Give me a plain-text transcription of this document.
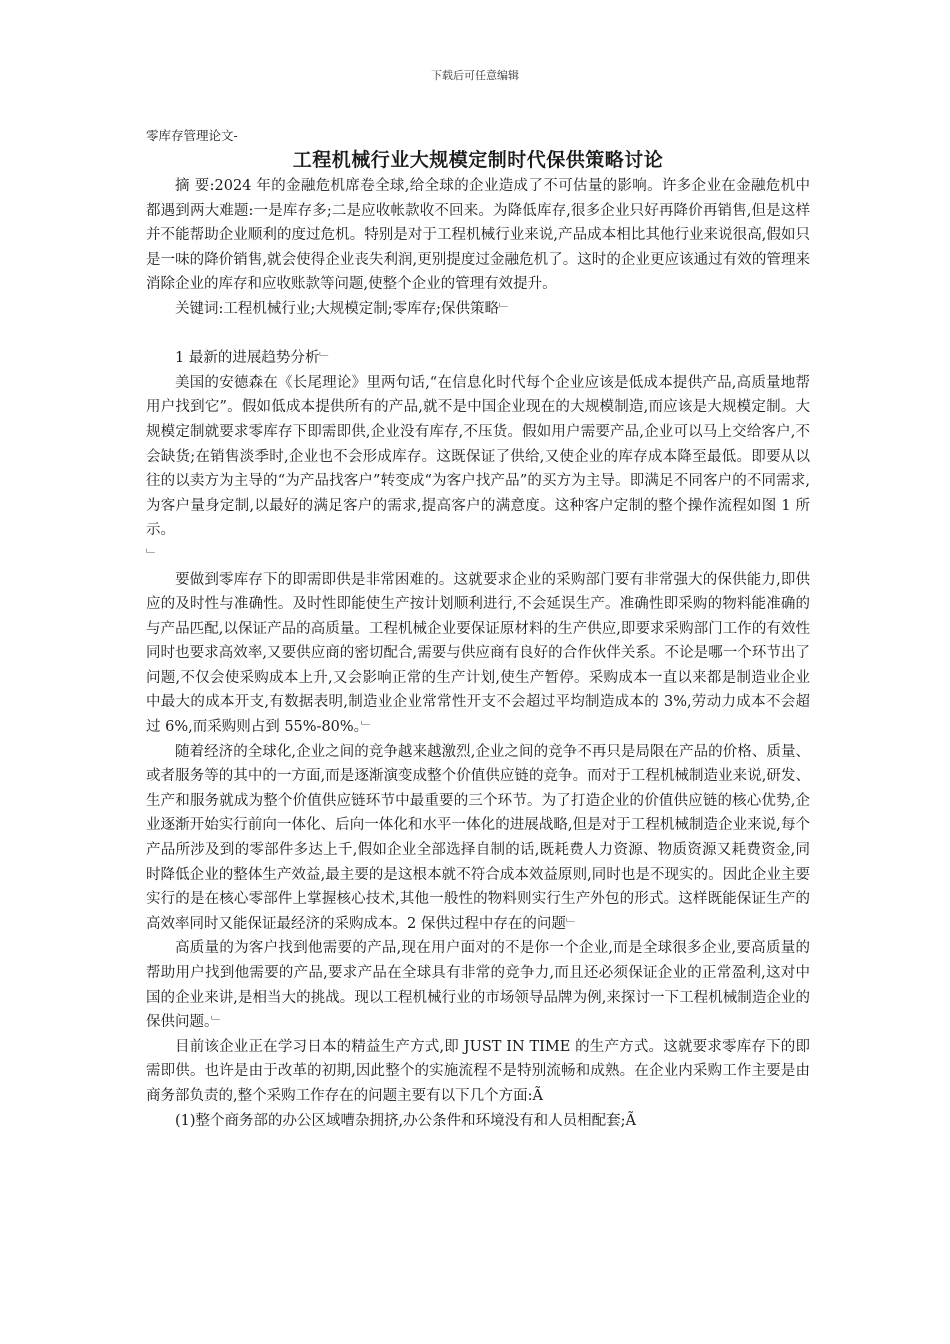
下载后可任意编辑
零库存管理论文-
工程机械行业大规模定制时代保供策略讨论

摘 要:2024 年的金融危机席卷全球,给全球的企业造成了不可估量的影响。许多企业在金融危机中都遇到两大难题:一是库存多;二是应收帐款收不回来。为降低库存,很多企业只好再降价再销售,但是这样并不能帮助企业顺利的度过危机。特别是对于工程机械行业来说,产品成本相比其他行业来说很高,假如只是一味的降价销售,就会使得企业丧失利润,更别提度过金融危机了。这时的企业更应该通过有效的管理来消除企业的库存和应收账款等问题,使整个企业的管理有效提升。

关键词:工程机械行业;大规模定制;零库存;保供策略﹂

1 最新的进展趋势分析﹂

美国的安德森在《长尾理论》里两句话,“在信息化时代每个企业应该是低成本提供产品,高质量地帮用户找到它”。假如低成本提供所有的产品,就不是中国企业现在的大规模制造,而应该是大规模定制。大规模定制就要求零库存下即需即供,企业没有库存,不压货。假如用户需要产品,企业可以马上交给客户,不会缺货;在销售淡季时,企业也不会形成库存。这既保证了供给,又使企业的库存成本降至最低。即要从以往的以卖方为主导的“为产品找客户”转变成“为客户找产品”的买方为主导。即满足不同客户的不同需求,为客户量身定制,以最好的满足客户的需求,提高客户的满意度。这种客户定制的整个操作流程如图 1 所示。

﹂

要做到零库存下的即需即供是非常困难的。这就要求企业的采购部门要有非常强大的保供能力,即供应的及时性与准确性。及时性即能使生产按计划顺利进行,不会延误生产。准确性即采购的物料能准确的与产品匹配,以保证产品的高质量。工程机械企业要保证原材料的生产供应,即要求采购部门工作的有效性同时也要求高效率,又要供应商的密切配合,需要与供应商有良好的合作伙伴关系。不论是哪一个环节出了问题,不仅会使采购成本上升,又会影响正常的生产计划,使生产暂停。采购成本一直以来都是制造业企业中最大的成本开支,有数据表明,制造业企业常常性开支不会超过平均制造成本的 3%,劳动力成本不会超过 6%,而采购则占到 55%-80%。﹂

随着经济的全球化,企业之间的竞争越来越激烈,企业之间的竞争不再只是局限在产品的价格、质量、或者服务等的其中的一方面,而是逐渐演变成整个价值供应链的竞争。而对于工程机械制造业来说,研发、生产和服务就成为整个价值供应链环节中最重要的三个环节。为了打造企业的价值供应链的核心优势,企业逐渐开始实行前向一体化、后向一体化和水平一体化的进展战略,但是对于工程机械制造企业来说,每个产品所涉及到的零部件多达上千,假如企业全部选择自制的话,既耗费人力资源、物质资源又耗费资金,同时降低企业的整体生产效益,最主要的是这根本就不符合成本效益原则,同时也是不现实的。因此企业主要实行的是在核心零部件上掌握核心技术,其他一般性的物料则实行生产外包的形式。这样既能保证生产的高效率同时又能保证最经济的采购成本。2 保供过程中存在的问题﹂

高质量的为客户找到他需要的产品,现在用户面对的不是你一个企业,而是全球很多企业,要高质量的帮助用户找到他需要的产品,要求产品在全球具有非常的竞争力,而且还必须保证企业的正常盈利,这对中国的企业来讲,是相当大的挑战。现以工程机械行业的市场领导品牌为例,来探讨一下工程机械制造企业的保供问题。﹂

目前该企业正在学习日本的精益生产方式,即 JUST IN TIME 的生产方式。这就要求零库存下的即需即供。也许是由于改革的初期,因此整个的实施流程不是特别流畅和成熟。在企业内采购工作主要是由商务部负责的,整个采购工作存在的问题主要有以下几个方面:Ã

(1)整个商务部的办公区域嘈杂拥挤,办公条件和环境没有和人员相配套;Ã
